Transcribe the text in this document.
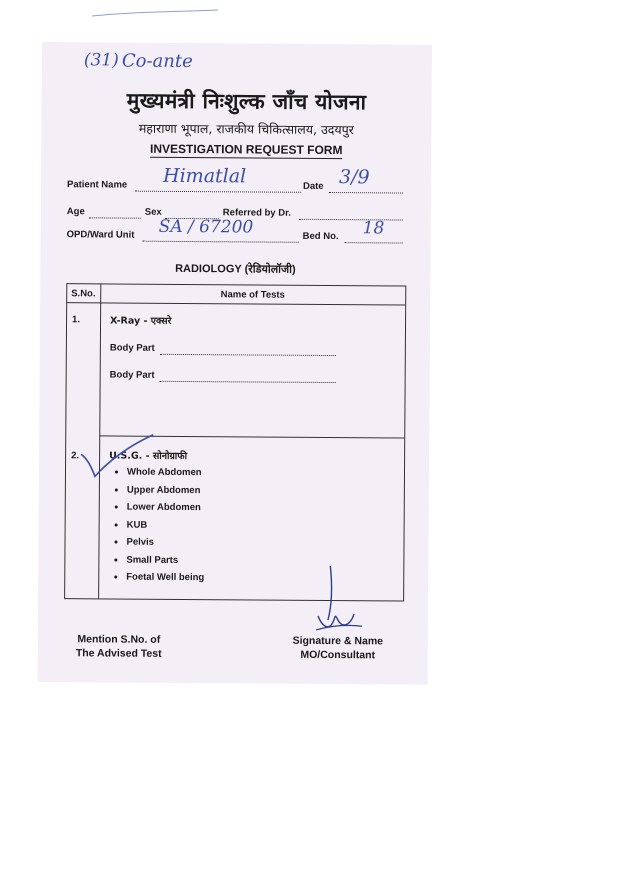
(31) Co-ante
मुख्यमंत्री निःशुल्क जाँच योजना
महाराणा भूपाल, राजकीय चिकित्सालय, उदयपुर
INVESTIGATION REQUEST FORM
Patient Name Himatlal	Date 3/9
Age	Sex	Referred by Dr.
OPD/Ward Unit SA / 67200	Bed No. 18
RADIOLOGY (रेडियोलॉजी)
S.No.	Name of Tests
1.	X-Ray - एक्सरे
Body Part
Body Part
2.	U.S.G. - सोनोग्राफी
• Whole Abdomen
• Upper Abdomen
• Lower Abdomen
• KUB
• Pelvis
• Small Parts
• Foetal Well being
Mention S.No. of
The Advised Test
Signature & Name
MO/Consultant
